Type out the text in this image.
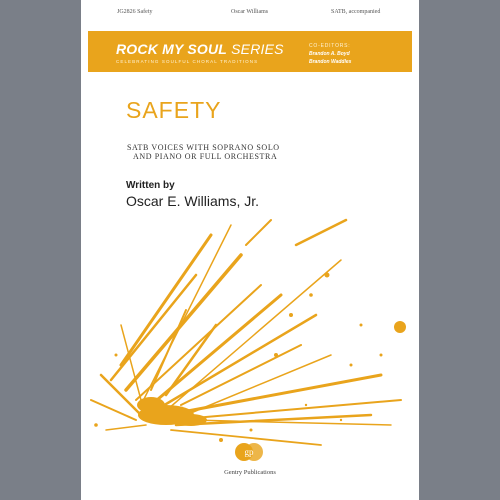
JG2826 Safety	Oscar Williams	SATB, accompanied
ROCK MY SOUL SERIES
CELEBRATING SOULFUL CHORAL TRADITIONS
CO-EDITORS:
Brandon A. Boyd
Brandon Waddles
SAFETY
SATB VOICES WITH SOPRANO SOLO
AND PIANO OR FULL ORCHESTRA
Written by
Oscar E. Williams, Jr.
gp
Gentry Publications
